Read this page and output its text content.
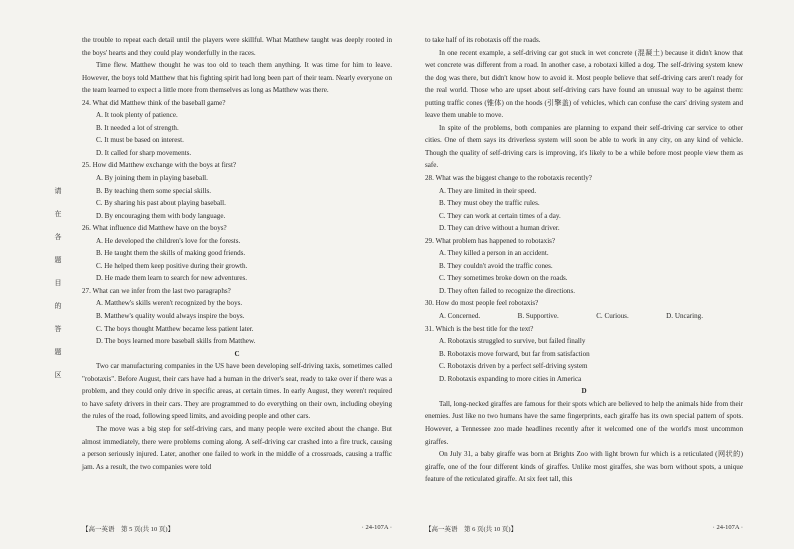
请
在
各
题
目
的
答
题
区

the trouble to repeat each detail until the players were skillful. What Matthew taught was deeply rooted in the boys' hearts and they could play wonderfully in the races.

Time flew. Matthew thought he was too old to teach them anything. It was time for him to leave. However, the boys told Matthew that his fighting spirit had long been part of their team. Nearly everyone on the team learned to expect a little more from themselves as long as Matthew was there.

24. What did Matthew think of the baseball game?

A. It took plenty of patience.

B. It needed a lot of strength.

C. It must be based on interest.

D. It called for sharp movements.

25. How did Matthew exchange with the boys at first?

A. By joining them in playing baseball.

B. By teaching them some special skills.

C. By sharing his past about playing baseball.

D. By encouraging them with body language.

26. What influence did Matthew have on the boys?

A. He developed the children's love for the forests.

B. He taught them the skills of making good friends.

C. He helped them keep positive during their growth.

D. He made them learn to search for new adventures.

27. What can we infer from the last two paragraphs?

A. Matthew's skills weren't recognized by the boys.

B. Matthew's quality would always inspire the boys.

C. The boys thought Matthew became less patient later.

D. The boys learned more baseball skills from Matthew.

C

Two car manufacturing companies in the US have been developing self-driving taxis, sometimes called "robotaxis". Before August, their cars have had a human in the driver's seat, ready to take over if there was a problem, and they could only drive in specific areas, at certain times. In early August, they weren't required to have safety drivers in their cars. They are programmed to do everything on their own, including obeying the rules of the road, following speed limits, and avoiding people and other cars.

The move was a big step for self-driving cars, and many people were excited about the change. But almost immediately, there were problems coming along. A self-driving car crashed into a fire truck, causing a person seriously injured. Later, another one failed to work in the middle of a crossroads, causing a traffic jam. As a result, the two companies were told

to take half of its robotaxis off the roads.

In one recent example, a self-driving car got stuck in wet concrete (混凝土) because it didn't know that wet concrete was different from a road. In another case, a robotaxi killed a dog. The self-driving system knew the dog was there, but didn't know how to avoid it. Most people believe that self-driving cars aren't ready for the real world. Those who are upset about self-driving cars have found an unusual way to be against them: putting traffic cones (锥体) on the hoods (引擎盖) of vehicles, which can confuse the cars' driving system and leave them unable to move.

In spite of the problems, both companies are planning to expand their self-driving car service to other cities. One of them says its driverless system will soon be able to work in any city, on any kind of vehicle. Though the quality of self-driving cars is improving, it's likely to be a while before most people view them as safe.

28. What was the biggest change to the robotaxis recently?

A. They are limited in their speed.

B. They must obey the traffic rules.

C. They can work at certain times of a day.

D. They can drive without a human driver.

29. What problem has happened to robotaxis?

A. They killed a person in an accident.

B. They couldn't avoid the traffic cones.

C. They sometimes broke down on the roads.

D. They often failed to recognize the directions.

30. How do most people feel robotaxis?

A. Concerned.	B. Supportive.	C. Curious.	D. Uncaring.

31. Which is the best title for the text?

A. Robotaxis struggled to survive, but failed finally

B. Robotaxis move forward, but far from satisfaction

C. Robotaxis driven by a perfect self-driving system

D. Robotaxis expanding to more cities in America

D

Tall, long-necked giraffes are famous for their spots which are believed to help the animals hide from their enemies. Just like no two humans have the same fingerprints, each giraffe has its own special pattern of spots. However, a Tennessee zoo made headlines recently after it welcomed one of the world's most uncommon giraffes.

On July 31, a baby giraffe was born at Brights Zoo with light brown fur which is a reticulated (网状的) giraffe, one of the four different kinds of giraffes. Unlike most giraffes, she was born without spots, a unique feature of the reticulated giraffe. At six feet tall, this

【高一英语　第 5 页(共 10 页)】	· 24-107A ·	【高一英语　第 6 页(共 10 页)】	· 24-107A ·
